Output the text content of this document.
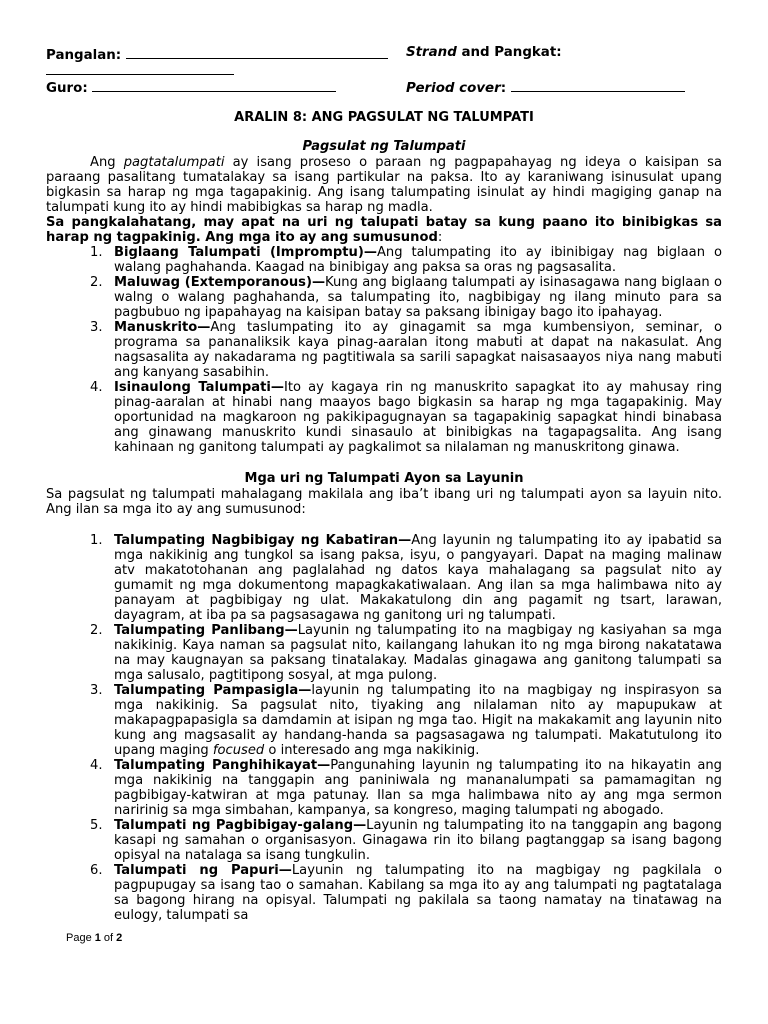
Pangalan:	Strand and Pangkat:
Guro:	Period cover:
ARALIN 8: ANG PAGSULAT NG TALUMPATI
Pagsulat ng Talumpati

Ang pagtatalumpati ay isang proseso o paraan ng pagpapahayag ng ideya o kaisipan sa paraang pasalitang tumatalakay sa isang partikular na paksa. Ito ay karaniwang isinusulat upang bigkasin sa harap ng mga tagapakinig. Ang isang talumpating isinulat ay hindi magiging ganap na talumpati kung ito ay hindi mabibigkas sa harap ng madla.

Sa pangkalahatang, may apat na uri ng talupati batay sa kung paano ito binibigkas sa harap ng tagpakinig. Ang mga ito ay ang sumusunod:

1. Biglaang Talumpati (Impromptu)—Ang talumpating ito ay ibinibigay nag biglaan o walang paghahanda. Kaagad na binibigay ang paksa sa oras ng pagsasalita.
2. Maluwag (Extemporanous)—Kung ang biglaang talumpati ay isinasagawa nang biglaan o walng o walang paghahanda, sa talumpating ito, nagbibigay ng ilang minuto para sa pagbubuo ng ipapahayag na kaisipan batay sa paksang ibinigay bago ito ipahayag.
3. Manuskrito—Ang taslumpating ito ay ginagamit sa mga kumbensiyon, seminar, o programa sa pananaliksik kaya pinag-aaralan itong mabuti at dapat na nakasulat. Ang nagsasalita ay nakadarama ng pagtitiwala sa sarili sapagkat naisasaayos niya nang mabuti ang kanyang sasabihin.
4. Isinaulong Talumpati—Ito ay kagaya rin ng manuskrito sapagkat ito ay mahusay ring pinag-aaralan at hinabi nang maayos bago bigkasin sa harap ng mga tagapakinig. May oportunidad na magkaroon ng pakikipagugnayan sa tagapakinig sapagkat hindi binabasa ang ginawang manuskrito kundi sinasaulo at binibigkas na tagapagsalita. Ang isang kahinaan ng ganitong talumpati ay pagkalimot sa nilalaman ng manuskritong ginawa.
Mga uri ng Talumpati Ayon sa Layunin

Sa pagsulat ng talumpati mahalagang makilala ang iba’t ibang uri ng talumpati ayon sa layuin nito. Ang ilan sa mga ito ay ang sumusunod:

1. Talumpating Nagbibigay ng Kabatiran—Ang layunin ng talumpating ito ay ipabatid sa mga nakikinig ang tungkol sa isang paksa, isyu, o pangyayari. Dapat na maging malinaw atv makatotohanan ang paglalahad ng datos kaya mahalagang sa pagsulat nito ay gumamit ng mga dokumentong mapagkakatiwalaan. Ang ilan sa mga halimbawa nito ay panayam at pagbibigay ng ulat. Makakatulong din ang pagamit ng tsart, larawan, dayagram, at iba pa sa pagsasagawa ng ganitong uri ng talumpati.
2. Talumpating Panlibang—Layunin ng talumpating ito na magbigay ng kasiyahan sa mga nakikinig. Kaya naman sa pagsulat nito, kailangang lahukan ito ng mga birong nakatatawa na may kaugnayan sa paksang tinatalakay. Madalas ginagawa ang ganitong talumpati sa mga salusalo, pagtitipong sosyal, at mga pulong.
3. Talumpating Pampasigla—layunin ng talumpating ito na magbigay ng inspirasyon sa mga nakikinig. Sa pagsulat nito, tiyaking ang nilalaman nito ay mapupukaw at makapagpapasigla sa damdamin at isipan ng mga tao. Higit na makakamit ang layunin nito kung ang magsasalit ay handang-handa sa pagsasagawa ng talumpati. Makatutulong ito upang maging focused o interesado ang mga nakikinig.
4. Talumpating Panghihikayat—Pangunahing layunin ng talumpating ito na hikayatin ang mga nakikinig na tanggapin ang paniniwala ng mananalumpati sa pamamagitan ng pagbibigay-katwiran at mga patunay. Ilan sa mga halimbawa nito ay ang mga sermon naririnig sa mga simbahan, kampanya, sa kongreso, maging talumpati ng abogado.
5. Talumpati ng Pagbibigay-galang—Layunin ng talumpating ito na tanggapin ang bagong kasapi ng samahan o organisasyon. Ginagawa rin ito bilang pagtanggap sa isang bagong opisyal na natalaga sa isang tungkulin.
6. Talumpati ng Papuri—Layunin ng talumpating ito na magbigay ng pagkilala o pagpupugay sa isang tao o samahan. Kabilang sa mga ito ay ang talumpati ng pagtatalaga sa bagong hirang na opisyal. Talumpati ng pakilala sa taong namatay na tinatawag na eulogy, talumpati sa
Page 1 of 2
